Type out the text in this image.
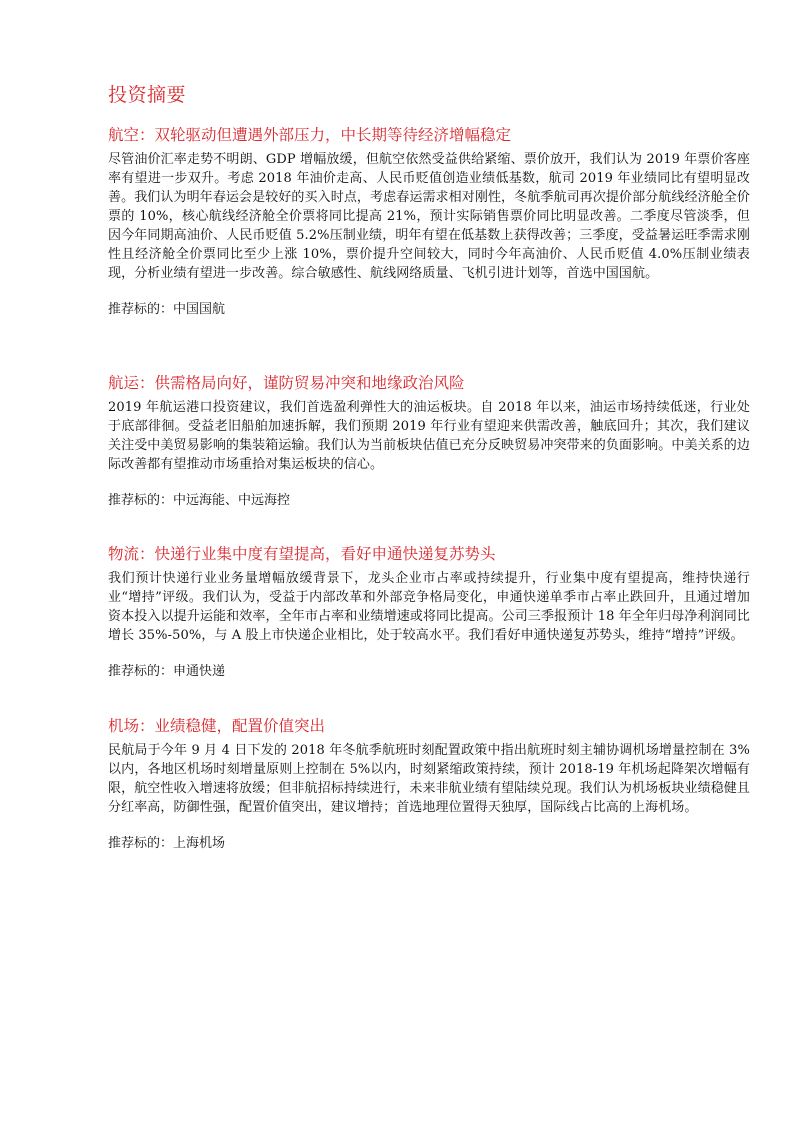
投资摘要
航空：双轮驱动但遭遇外部压力，中长期等待经济增幅稳定

尽管油价汇率走势不明朗、GDP 增幅放缓，但航空依然受益供给紧缩、票价放开，我们认为 2019 年票价客座率有望进一步双升。考虑 2018 年油价走高、人民币贬值创造业绩低基数，航司 2019 年业绩同比有望明显改善。我们认为明年春运会是较好的买入时点，考虑春运需求相对刚性，冬航季航司再次提价部分航线经济舱全价票的 10%，核心航线经济舱全价票将同比提高 21%，预计实际销售票价同比明显改善。二季度尽管淡季，但因今年同期高油价、人民币贬值 5.2%压制业绩，明年有望在低基数上获得改善；三季度，受益暑运旺季需求刚性且经济舱全价票同比至少上涨 10%，票价提升空间较大，同时今年高油价、人民币贬值 4.0%压制业绩表现，分析业绩有望进一步改善。综合敏感性、航线网络质量、飞机引进计划等，首选中国国航。

推荐标的：中国国航

航运：供需格局向好，谨防贸易冲突和地缘政治风险

2019 年航运港口投资建议，我们首选盈利弹性大的油运板块。自 2018 年以来，油运市场持续低迷，行业处于底部徘徊。受益老旧船舶加速拆解，我们预期 2019 年行业有望迎来供需改善，触底回升；其次，我们建议关注受中美贸易影响的集装箱运输。我们认为当前板块估值已充分反映贸易冲突带来的负面影响。中美关系的边际改善都有望推动市场重拾对集运板块的信心。

推荐标的：中远海能、中远海控

物流：快递行业集中度有望提高，看好申通快递复苏势头

我们预计快递行业业务量增幅放缓背景下，龙头企业市占率或持续提升，行业集中度有望提高，维持快递行业“增持”评级。我们认为，受益于内部改革和外部竞争格局变化，申通快递单季市占率止跌回升，且通过增加资本投入以提升运能和效率，全年市占率和业绩增速或将同比提高。公司三季报预计 18 年全年归母净利润同比增长 35%-50%，与 A 股上市快递企业相比，处于较高水平。我们看好申通快递复苏势头，维持“增持”评级。

推荐标的：申通快递

机场：业绩稳健，配置价值突出

民航局于今年 9 月 4 日下发的 2018 年冬航季航班时刻配置政策中指出航班时刻主辅协调机场增量控制在 3%以内，各地区机场时刻增量原则上控制在 5%以内，时刻紧缩政策持续，预计 2018-19 年机场起降架次增幅有限，航空性收入增速将放缓；但非航招标持续进行，未来非航业绩有望陆续兑现。我们认为机场板块业绩稳健且分红率高，防御性强，配置价值突出，建议增持；首选地理位置得天独厚，国际线占比高的上海机场。

推荐标的：上海机场
